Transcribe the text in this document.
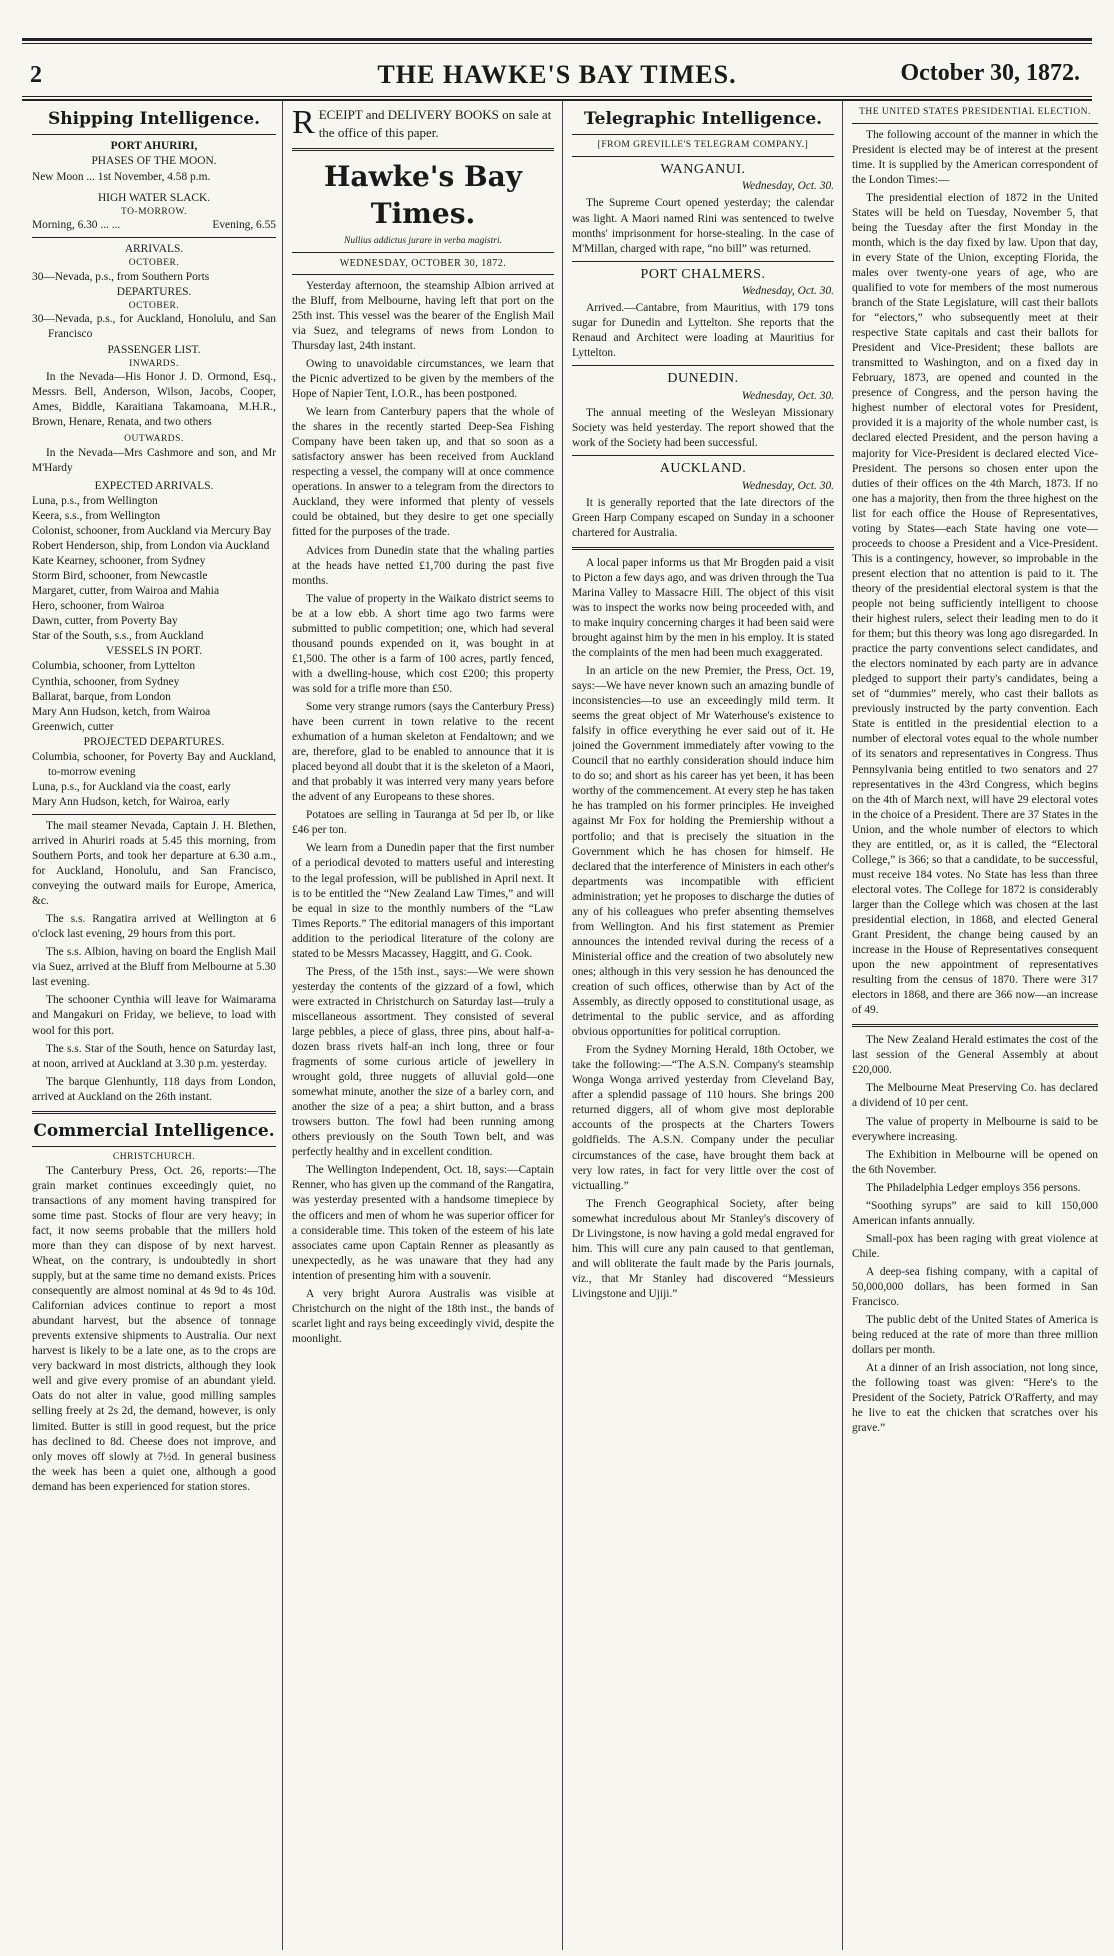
2	THE HAWKE'S BAY TIMES.	October 30, 1872.
Shipping Intelligence.
PORT AHURIRI,
PHASES OF THE MOON.
New Moon ... 1st November, 4.58 p.m.
HIGH WATER SLACK.
TO-MORROW.
Morning, 6.30 ... ...	Evening, 6.55
ARRIVALS.
OCTOBER.

30—Nevada, p.s., from Southern Ports

DEPARTURES.
OCTOBER.

30—Nevada, p.s., for Auckland, Honolulu, and San Francisco

PASSENGER LIST.
INWARDS.

In the Nevada—His Honor J. D. Ormond, Esq., Messrs. Bell, Anderson, Wilson, Jacobs, Cooper, Ames, Biddle, Karaitiana Takamoana, M.H.R., Brown, Henare, Renata, and two others

OUTWARDS.

In the Nevada—Mrs Cashmore and son, and Mr M'Hardy

EXPECTED ARRIVALS.

Luna, p.s., from Wellington

Keera, s.s., from Wellington

Colonist, schooner, from Auckland via Mercury Bay

Robert Henderson, ship, from London via Auckland

Kate Kearney, schooner, from Sydney

Storm Bird, schooner, from Newcastle

Margaret, cutter, from Wairoa and Mahia

Hero, schooner, from Wairoa

Dawn, cutter, from Poverty Bay

Star of the South, s.s., from Auckland

VESSELS IN PORT.

Columbia, schooner, from Lyttelton

Cynthia, schooner, from Sydney

Ballarat, barque, from London

Mary Ann Hudson, ketch, from Wairoa

Greenwich, cutter

PROJECTED DEPARTURES.

Columbia, schooner, for Poverty Bay and Auckland, to-morrow evening

Luna, p.s., for Auckland via the coast, early

Mary Ann Hudson, ketch, for Wairoa, early

The mail steamer Nevada, Captain J. H. Blethen, arrived in Ahuriri roads at 5.45 this morning, from Southern Ports, and took her departure at 6.30 a.m., for Auckland, Honolulu, and San Francisco, conveying the outward mails for Europe, America, &c.

The s.s. Rangatira arrived at Wellington at 6 o'clock last evening, 29 hours from this port.

The s.s. Albion, having on board the English Mail via Suez, arrived at the Bluff from Melbourne at 5.30 last evening.

The schooner Cynthia will leave for Waimarama and Mangakuri on Friday, we believe, to load with wool for this port.

The s.s. Star of the South, hence on Saturday last, at noon, arrived at Auckland at 3.30 p.m. yesterday.

The barque Glenhuntly, 118 days from London, arrived at Auckland on the 26th instant.

Commercial Intelligence.
CHRISTCHURCH.

The Canterbury Press, Oct. 26, reports:—The grain market continues exceedingly quiet, no transactions of any moment having transpired for some time past. Stocks of flour are very heavy; in fact, it now seems probable that the millers hold more than they can dispose of by next harvest. Wheat, on the contrary, is undoubtedly in short supply, but at the same time no demand exists. Prices consequently are almost nominal at 4s 9d to 4s 10d. Californian advices continue to report a most abundant harvest, but the absence of tonnage prevents extensive shipments to Australia. Our next harvest is likely to be a late one, as to the crops are very backward in most districts, although they look well and give every promise of an abundant yield. Oats do not alter in value, good milling samples selling freely at 2s 2d, the demand, however, is only limited. Butter is still in good request, but the price has declined to 8d. Cheese does not improve, and only moves off slowly at 7½d. In general business the week has been a quiet one, although a good demand has been experienced for station stores.

R ECEIPT and DELIVERY BOOKS on sale at the office of this paper.
Hawke's Bay Times.
Nullius addictus jurare in verba magistri.
WEDNESDAY, OCTOBER 30, 1872.

Yesterday afternoon, the steamship Albion arrived at the Bluff, from Melbourne, having left that port on the 25th inst. This vessel was the bearer of the English Mail via Suez, and telegrams of news from London to Thursday last, 24th instant.

Owing to unavoidable circumstances, we learn that the Picnic advertized to be given by the members of the Hope of Napier Tent, I.O.R., has been postponed.

We learn from Canterbury papers that the whole of the shares in the recently started Deep-Sea Fishing Company have been taken up, and that so soon as a satisfactory answer has been received from Auckland respecting a vessel, the company will at once commence operations. In answer to a telegram from the directors to Auckland, they were informed that plenty of vessels could be obtained, but they desire to get one specially fitted for the purposes of the trade.

Advices from Dunedin state that the whaling parties at the heads have netted £1,700 during the past five months.

The value of property in the Waikato district seems to be at a low ebb. A short time ago two farms were submitted to public competition; one, which had several thousand pounds expended on it, was bought in at £1,500. The other is a farm of 100 acres, partly fenced, with a dwelling-house, which cost £200; this property was sold for a trifle more than £50.

Some very strange rumors (says the Canterbury Press) have been current in town relative to the recent exhumation of a human skeleton at Fendaltown; and we are, therefore, glad to be enabled to announce that it is placed beyond all doubt that it is the skeleton of a Maori, and that probably it was interred very many years before the advent of any Europeans to these shores.

Potatoes are selling in Tauranga at 5d per lb, or like £46 per ton.

We learn from a Dunedin paper that the first number of a periodical devoted to matters useful and interesting to the legal profession, will be published in April next. It is to be entitled the “New Zealand Law Times,” and will be equal in size to the monthly numbers of the “Law Times Reports.” The editorial managers of this important addition to the periodical literature of the colony are stated to be Messrs Macassey, Haggitt, and G. Cook.

The Press, of the 15th inst., says:—We were shown yesterday the contents of the gizzard of a fowl, which were extracted in Christchurch on Saturday last—truly a miscellaneous assortment. They consisted of several large pebbles, a piece of glass, three pins, about half-a-dozen brass rivets half-an inch long, three or four fragments of some curious article of jewellery in wrought gold, three nuggets of alluvial gold—one somewhat minute, another the size of a barley corn, and another the size of a pea; a shirt button, and a brass trowsers button. The fowl had been running among others previously on the South Town belt, and was perfectly healthy and in excellent condition.

The Wellington Independent, Oct. 18, says:—Captain Renner, who has given up the command of the Rangatira, was yesterday presented with a handsome timepiece by the officers and men of whom he was superior officer for a considerable time. This token of the esteem of his late associates came upon Captain Renner as pleasantly as unexpectedly, as he was unaware that they had any intention of presenting him with a souvenir.

A very bright Aurora Australis was visible at Christchurch on the night of the 18th inst., the bands of scarlet light and rays being exceedingly vivid, despite the moonlight.

Telegraphic Intelligence.
[FROM GREVILLE'S TELEGRAM COMPANY.]
WANGANUI.
Wednesday, Oct. 30.

The Supreme Court opened yesterday; the calendar was light. A Maori named Rini was sentenced to twelve months' imprisonment for horse-stealing. In the case of M'Millan, charged with rape, “no bill” was returned.

PORT CHALMERS.
Wednesday, Oct. 30.

Arrived.—Cantabre, from Mauritius, with 179 tons sugar for Dunedin and Lyttelton. She reports that the Renaud and Architect were loading at Mauritius for Lyttelton.

DUNEDIN.
Wednesday, Oct. 30.

The annual meeting of the Wesleyan Missionary Society was held yesterday. The report showed that the work of the Society had been successful.

AUCKLAND.
Wednesday, Oct. 30.

It is generally reported that the late directors of the Green Harp Company escaped on Sunday in a schooner chartered for Australia.

A local paper informs us that Mr Brogden paid a visit to Picton a few days ago, and was driven through the Tua Marina Valley to Massacre Hill. The object of this visit was to inspect the works now being proceeded with, and to make inquiry concerning charges it had been said were brought against him by the men in his employ. It is stated the complaints of the men had been much exaggerated.

In an article on the new Premier, the Press, Oct. 19, says:—We have never known such an amazing bundle of inconsistencies—to use an exceedingly mild term. It seems the great object of Mr Waterhouse's existence to falsify in office everything he ever said out of it. He joined the Government immediately after vowing to the Council that no earthly consideration should induce him to do so; and short as his career has yet been, it has been worthy of the commencement. At every step he has taken he has trampled on his former principles. He inveighed against Mr Fox for holding the Premiership without a portfolio; and that is precisely the situation in the Government which he has chosen for himself. He declared that the interference of Ministers in each other's departments was incompatible with efficient administration; yet he proposes to discharge the duties of any of his colleagues who prefer absenting themselves from Wellington. And his first statement as Premier announces the intended revival during the recess of a Ministerial office and the creation of two absolutely new ones; although in this very session he has denounced the creation of such offices, otherwise than by Act of the Assembly, as directly opposed to constitutional usage, as detrimental to the public service, and as affording obvious opportunities for political corruption.

From the Sydney Morning Herald, 18th October, we take the following:—“The A.S.N. Company's steamship Wonga Wonga arrived yesterday from Cleveland Bay, after a splendid passage of 110 hours. She brings 200 returned diggers, all of whom give most deplorable accounts of the prospects at the Charters Towers goldfields. The A.S.N. Company under the peculiar circumstances of the case, have brought them back at very low rates, in fact for very little over the cost of victualling.”

The French Geographical Society, after being somewhat incredulous about Mr Stanley's discovery of Dr Livingstone, is now having a gold medal engraved for him. This will cure any pain caused to that gentleman, and will obliterate the fault made by the Paris journals, viz., that Mr Stanley had discovered “Messieurs Livingstone and Ujiji.”

THE UNITED STATES PRESIDENTIAL ELECTION.

The following account of the manner in which the President is elected may be of interest at the present time. It is supplied by the American correspondent of the London Times:—

The presidential election of 1872 in the United States will be held on Tuesday, November 5, that being the Tuesday after the first Monday in the month, which is the day fixed by law. Upon that day, in every State of the Union, excepting Florida, the males over twenty-one years of age, who are qualified to vote for members of the most numerous branch of the State Legislature, will cast their ballots for “electors,” who subsequently meet at their respective State capitals and cast their ballots for President and Vice-President; these ballots are transmitted to Washington, and on a fixed day in February, 1873, are opened and counted in the presence of Congress, and the person having the highest number of electoral votes for President, provided it is a majority of the whole number cast, is declared elected President, and the person having a majority for Vice-President is declared elected Vice-President. The persons so chosen enter upon the duties of their offices on the 4th March, 1873. If no one has a majority, then from the three highest on the list for each office the House of Representatives, voting by States—each State having one vote—proceeds to choose a President and a Vice-President. This is a contingency, however, so improbable in the present election that no attention is paid to it. The theory of the presidential electoral system is that the people not being sufficiently intelligent to choose their highest rulers, select their leading men to do it for them; but this theory was long ago disregarded. In practice the party conventions select candidates, and the electors nominated by each party are in advance pledged to support their party's candidates, being a set of “dummies” merely, who cast their ballots as previously instructed by the party convention. Each State is entitled in the presidential election to a number of electoral votes equal to the whole number of its senators and representatives in Congress. Thus Pennsylvania being entitled to two senators and 27 representatives in the 43rd Congress, which begins on the 4th of March next, will have 29 electoral votes in the choice of a President. There are 37 States in the Union, and the whole number of electors to which they are entitled, or, as it is called, the “Electoral College,” is 366; so that a candidate, to be successful, must receive 184 votes. No State has less than three electoral votes. The College for 1872 is considerably larger than the College which was chosen at the last presidential election, in 1868, and elected General Grant President, the change being caused by an increase in the House of Representatives consequent upon the new appointment of representatives resulting from the census of 1870. There were 317 electors in 1868, and there are 366 now—an increase of 49.

The New Zealand Herald estimates the cost of the last session of the General Assembly at about £20,000.

The Melbourne Meat Preserving Co. has declared a dividend of 10 per cent.

The value of property in Melbourne is said to be everywhere increasing.

The Exhibition in Melbourne will be opened on the 6th November.

The Philadelphia Ledger employs 356 persons.

“Soothing syrups” are said to kill 150,000 American infants annually.

Small-pox has been raging with great violence at Chile.

A deep-sea fishing company, with a capital of 50,000,000 dollars, has been formed in San Francisco.

The public debt of the United States of America is being reduced at the rate of more than three million dollars per month.

At a dinner of an Irish association, not long since, the following toast was given: “Here's to the President of the Society, Patrick O'Rafferty, and may he live to eat the chicken that scratches over his grave.”
